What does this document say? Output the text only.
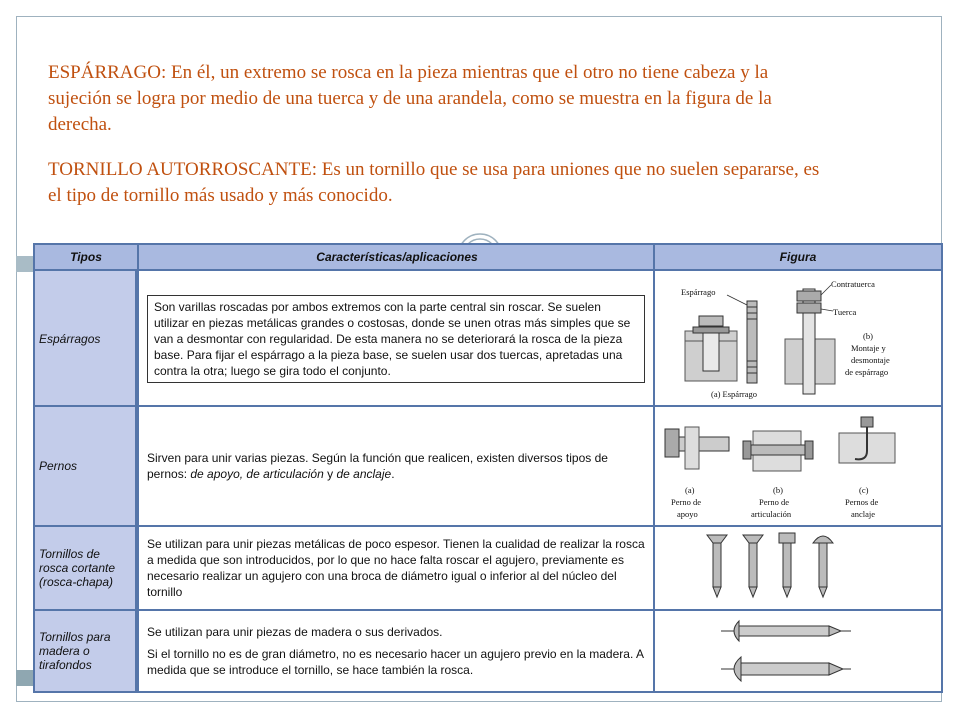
ESPÁRRAGO: En él, un extremo se rosca en la pieza mientras que el otro no tiene cabeza y la sujeción se logra por medio de una tuerca y de una arandela, como se muestra en la figura de la derecha.

TORNILLO AUTORROSCANTE: Es un tornillo que se usa para uniones que no suelen separarse, es el tipo de tornillo más usado y más conocido.

Tipos	Características/aplicaciones	Figura
Espárragos
Son varillas roscadas por ambos extremos con la parte central sin roscar. Se suelen utilizar en piezas metálicas grandes o costosas, donde se unen otras más simples que se van a desmontar con regularidad. De esta manera no se deteriorará la rosca de la pieza base. Para fijar el espárrago a la pieza base, se suelen usar dos tuercas, apretadas una contra la otra; luego se gira todo el conjunto.
Espárrago
(a) Espárrago
Contratuerca
Tuerca
(b)
Montaje y
desmontaje
de espárrago
Pernos
Sirven para unir varias piezas. Según la función que realicen, existen diversos tipos de pernos: de apoyo, de articulación y de anclaje.
(a)
Perno de
apoyo
(b)
Perno de
articulación
(c)
Pernos de
anclaje
Tornillos de rosca cortante (rosca-chapa)
Se utilizan para unir piezas metálicas de poco espesor. Tienen la cualidad de realizar la rosca a medida que son introducidos, por lo que no hace falta roscar el agujero, previamente es necesario realizar un agujero con una broca de diámetro igual o inferior al del núcleo del tornillo
Tornillos para madera o tirafondos
Se utilizan para unir piezas de madera o sus derivados.
Si el tornillo no es de gran diámetro, no es necesario hacer un agujero previo en la madera. A medida que se introduce el tornillo, se hace también la rosca.
